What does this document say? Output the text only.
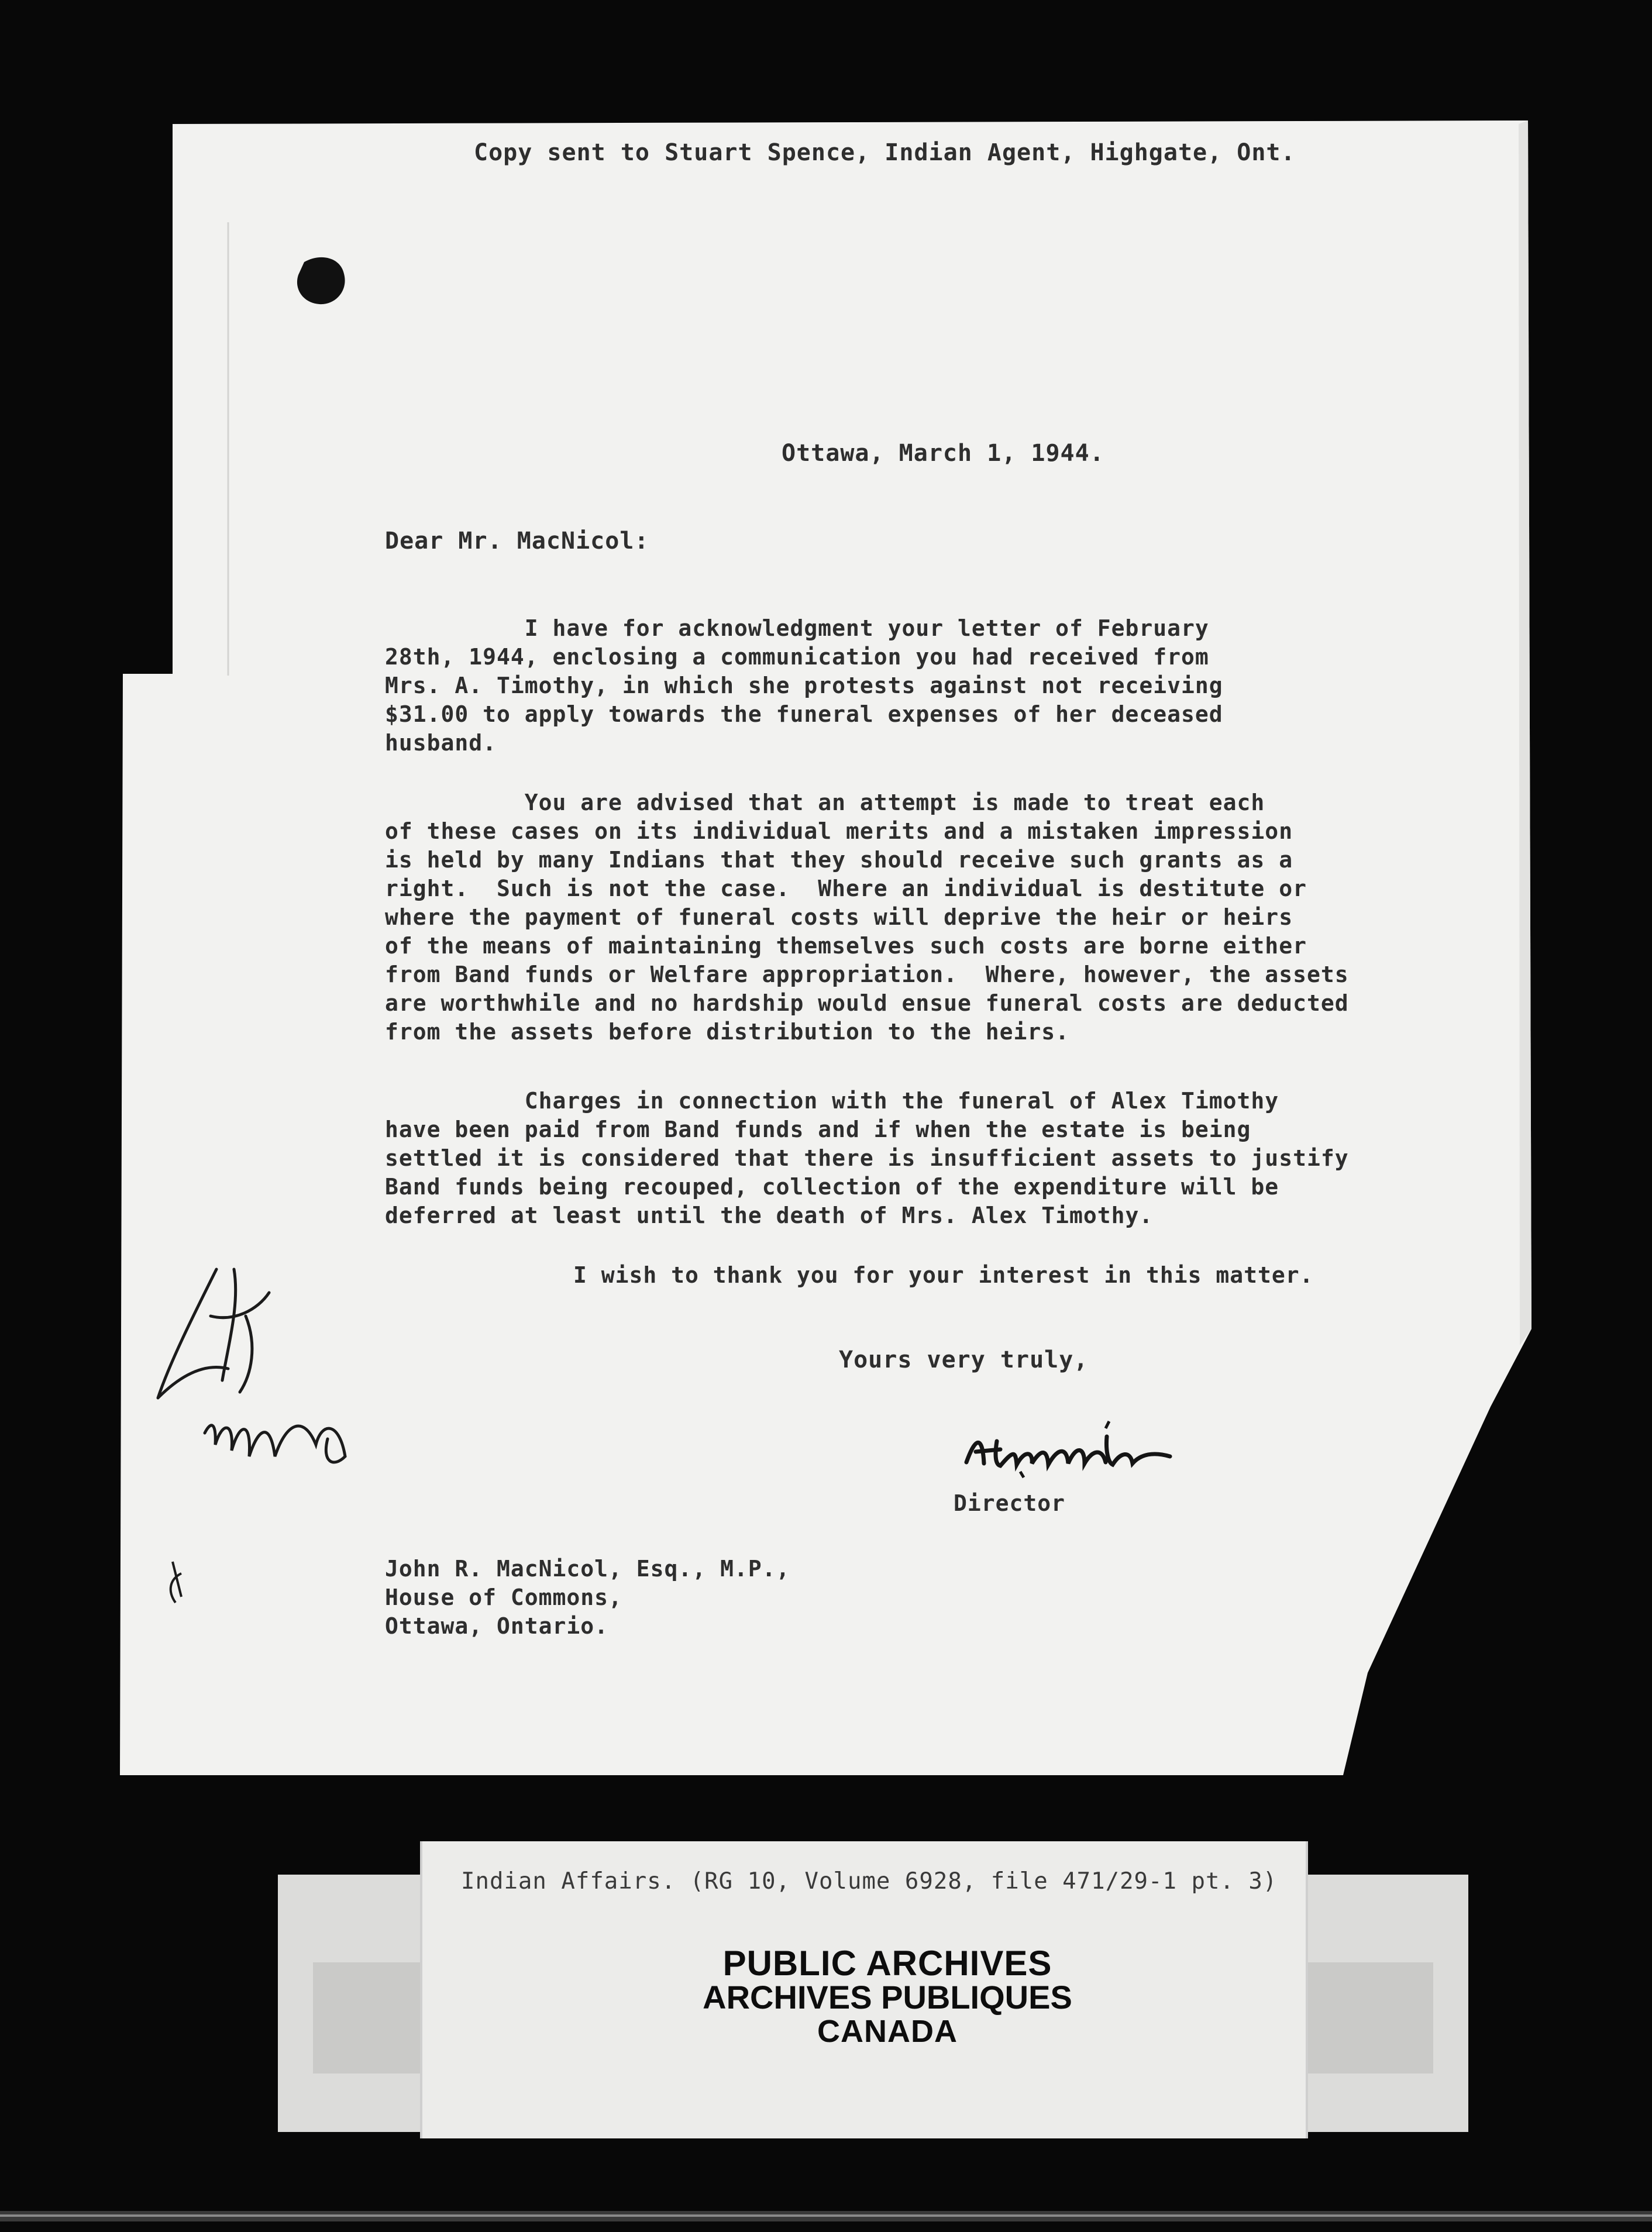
Copy sent to Stuart Spence, Indian Agent, Highgate, Ont.

Ottawa, March 1, 1944.

Dear Mr. MacNicol:

I have for acknowledgment your letter of February
28th, 1944, enclosing a communication you had received from
Mrs. A. Timothy, in which she protests against not receiving
$31.00 to apply towards the funeral expenses of her deceased
husband.

You are advised that an attempt is made to treat each
of these cases on its individual merits and a mistaken impression
is held by many Indians that they should receive such grants as a
right.  Such is not the case.  Where an individual is destitute or
where the payment of funeral costs will deprive the heir or heirs
of the means of maintaining themselves such costs are borne either
from Band funds or Welfare appropriation.  Where, however, the assets
are worthwhile and no hardship would ensue funeral costs are deducted
from the assets before distribution to the heirs.

Charges in connection with the funeral of Alex Timothy
have been paid from Band funds and if when the estate is being
settled it is considered that there is insufficient assets to justify
Band funds being recouped, collection of the expenditure will be
deferred at least until the death of Mrs. Alex Timothy.

I wish to thank you for your interest in this matter.

Yours very truly,

Director

John R. MacNicol, Esq., M.P.,
House of Commons,
Ottawa, Ontario.

Indian Affairs. (RG 10, Volume 6928, file 471/29-1 pt. 3)

PUBLIC ARCHIVES

ARCHIVES PUBLIQUES

CANADA
